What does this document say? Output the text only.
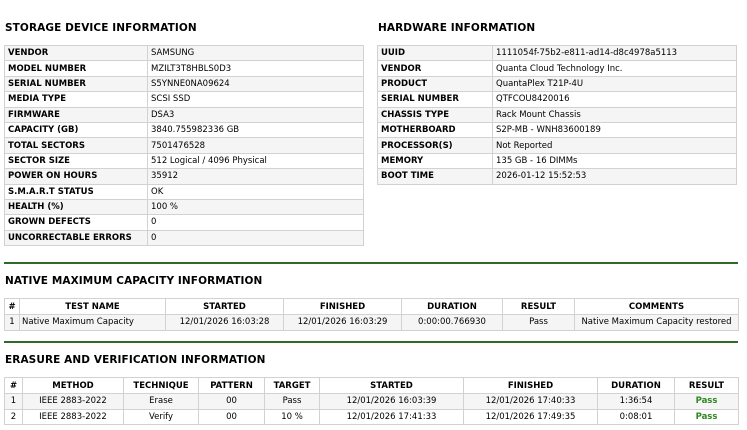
STORAGE DEVICE INFORMATION
VENDOR	SAMSUNG
MODEL NUMBER	MZILT3T8HBLS0D3
SERIAL NUMBER	S5YNNE0NA09624
MEDIA TYPE	SCSI SSD
FIRMWARE	DSA3
CAPACITY (GB)	3840.755982336 GB
TOTAL SECTORS	7501476528
SECTOR SIZE	512 Logical / 4096 Physical
POWER ON HOURS	35912
S.M.A.R.T STATUS	OK
HEALTH (%)	100 %
GROWN DEFECTS	0
UNCORRECTABLE ERRORS	0
HARDWARE INFORMATION
UUID	1111054f-75b2-e811-ad14-d8c4978a5113
VENDOR	Quanta Cloud Technology Inc.
PRODUCT	QuantaPlex T21P-4U
SERIAL NUMBER	QTFCOU8420016
CHASSIS TYPE	Rack Mount Chassis
MOTHERBOARD	S2P-MB - WNH83600189
PROCESSOR(S)	Not Reported
MEMORY	135 GB - 16 DIMMs
BOOT TIME	2026-01-12 15:52:53
NATIVE MAXIMUM CAPACITY INFORMATION
#	TEST NAME	STARTED	FINISHED	DURATION	RESULT	COMMENTS
1	Native Maximum Capacity	12/01/2026 16:03:28	12/01/2026 16:03:29	0:00:00.766930	Pass	Native Maximum Capacity restored
ERASURE AND VERIFICATION INFORMATION
#	METHOD	TECHNIQUE	PATTERN	TARGET	STARTED	FINISHED	DURATION	RESULT
1	IEEE 2883-2022	Erase	00	Pass	12/01/2026 16:03:39	12/01/2026 17:40:33	1:36:54	Pass
2	IEEE 2883-2022	Verify	00	10 %	12/01/2026 17:41:33	12/01/2026 17:49:35	0:08:01	Pass
